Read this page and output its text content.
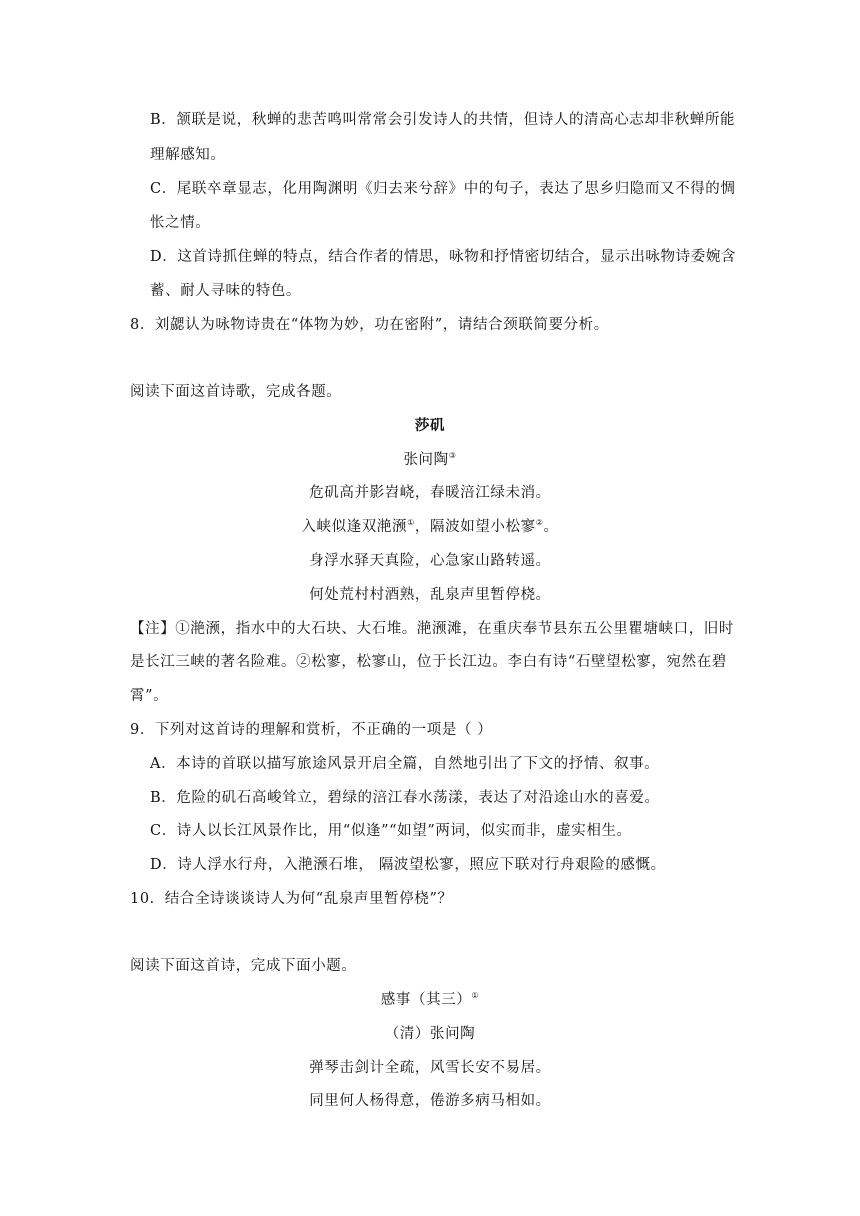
B．颔联是说，秋蝉的悲苦鸣叫常常会引发诗人的共情，但诗人的清高心志却非秋蝉所能
理解感知。
C．尾联卒章显志，化用陶渊明《归去来兮辞》中的句子，表达了思乡归隐而又不得的惆
怅之情。
D．这首诗抓住蝉的特点，结合作者的情思，咏物和抒情密切结合，显示出咏物诗委婉含
蓄、耐人寻味的特色。
8．刘勰认为咏物诗贵在“体物为妙，功在密附”，请结合颈联简要分析。
阅读下面这首诗歌，完成各题。
莎矶
张问陶③
危矶高并影岧峣，春暖涪江绿未消。
入峡似逢双滟滪①，隔波如望小松寥②。
身浮水驿天真险，心急家山路转遥。
何处荒村村酒熟，乱泉声里暂停桡。
【注】①滟滪，指水中的大石块、大石堆。滟滪滩，在重庆奉节县东五公里瞿塘峡口，旧时
是长江三峡的著名险难。②松寥，松寥山，位于长江边。李白有诗“石壁望松寥，宛然在碧
霄”。
9．下列对这首诗的理解和赏析，不正确的一项是（ ）
A．本诗的首联以描写旅途风景开启全篇，自然地引出了下文的抒情、叙事。
B．危险的矶石高峻耸立，碧绿的涪江春水荡漾，表达了对沿途山水的喜爱。
C．诗人以长江风景作比，用“似逢”“如望”两词，似实而非，虚实相生。
D．诗人浮水行舟，入滟滪石堆， 隔波望松寥，照应下联对行舟艰险的感慨。
10．结合全诗谈谈诗人为何“乱泉声里暂停桡”？
阅读下面这首诗，完成下面小题。
感事（其三）①
（清）张问陶
弹琴击剑计全疏，风雪长安不易居。
同里何人杨得意，倦游多病马相如。
